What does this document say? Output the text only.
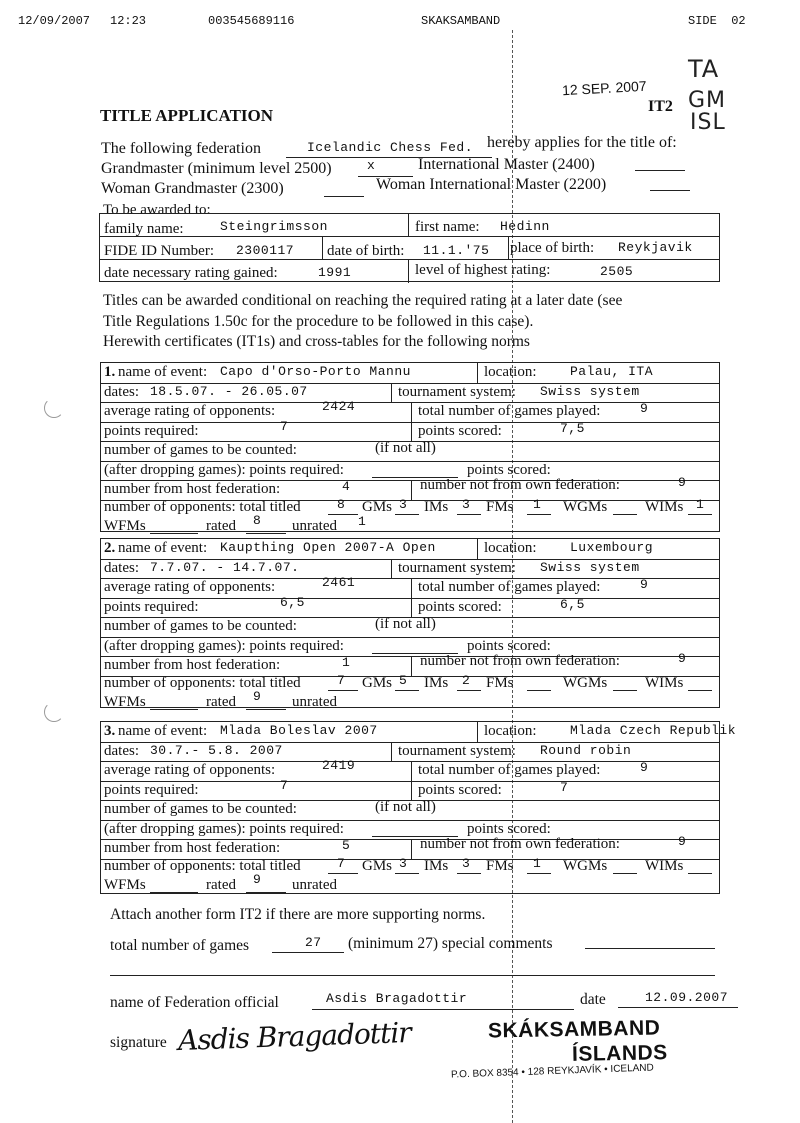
12/09/2007 12:23	003545689116	SKAKSAMBAND	SIDE  02
12 SEP. 2007
TA
GM
ISL
IT2
TITLE APPLICATION
The following federation	Icelandic Chess Fed. hereby applies for the title of:
Grandmaster (minimum level 2500)	x	International Master (2400)
Woman Grandmaster (2300)	Woman International Master (2200)
To be awarded to:
family name:	Steingrimsson	first name: Hedinn
FIDE ID Number: 2300117 date of birth: 11.1.'75 place of birth: Reykjavik
date necessary rating gained:	1991	level of highest rating:	2505
Titles can be awarded conditional on reaching the required rating at a later date (see
Title Regulations 1.50c for the procedure to be followed in this case).
Herewith certificates (IT1s) and cross-tables for the following norms
1. name of event: Capo d'Orso-Porto Mannu	location:	Palau, ITA
dates: 18.5.07. - 26.05.07	tournament system: Swiss system
average rating of opponents:	2424	total number of games played:	9
points required:	7	points scored:	7,5
number of games to be counted:	(if not all)
(after dropping games): points required:	points scored:
number from host federation:	4	number not from own federation:	9
number of opponents: total titled	8 GMs 3 IMs 3 FMs 1 WGMs	WIMs 1
WFMs	rated 8 unrated 1
2. name of event: Kaupthing Open 2007-A Open	location:	Luxembourg
dates: 7.7.07. - 14.7.07.	tournament system: Swiss system
average rating of opponents:	2461	total number of games played:	9
points required:	6,5	points scored:	6,5
number of games to be counted:	(if not all)
(after dropping games): points required:	points scored:
number from host federation:	1	number not from own federation:	9
number of opponents: total titled	7 GMs 5 IMs 2 FMs	WGMs	WIMs
WFMs	rated 9 unrated
3. name of event: Mlada Boleslav 2007	location:	Mlada Czech Republik
dates: 30.7.- 5.8. 2007	tournament system: Round robin
average rating of opponents:	2419	total number of games played:	9
points required:	7	points scored:	7
number of games to be counted:	(if not all)
(after dropping games): points required:	points scored:
number from host federation:	5	number not from own federation:	9
number of opponents: total titled	7 GMs 3 IMs 3 FMs 1 WGMs	WIMs
WFMs	rated 9 unrated
Attach another form IT2 if there are more supporting norms.
total number of games	27 (minimum 27) special comments
name of Federation official	Asdis Bragadottir	date	12.09.2007
signature Asdis Bragadottir	SKÁKSAMBAND
ÍSLANDS
P.O. BOX 8354 • 128 REYKJAVÍK • ICELAND
